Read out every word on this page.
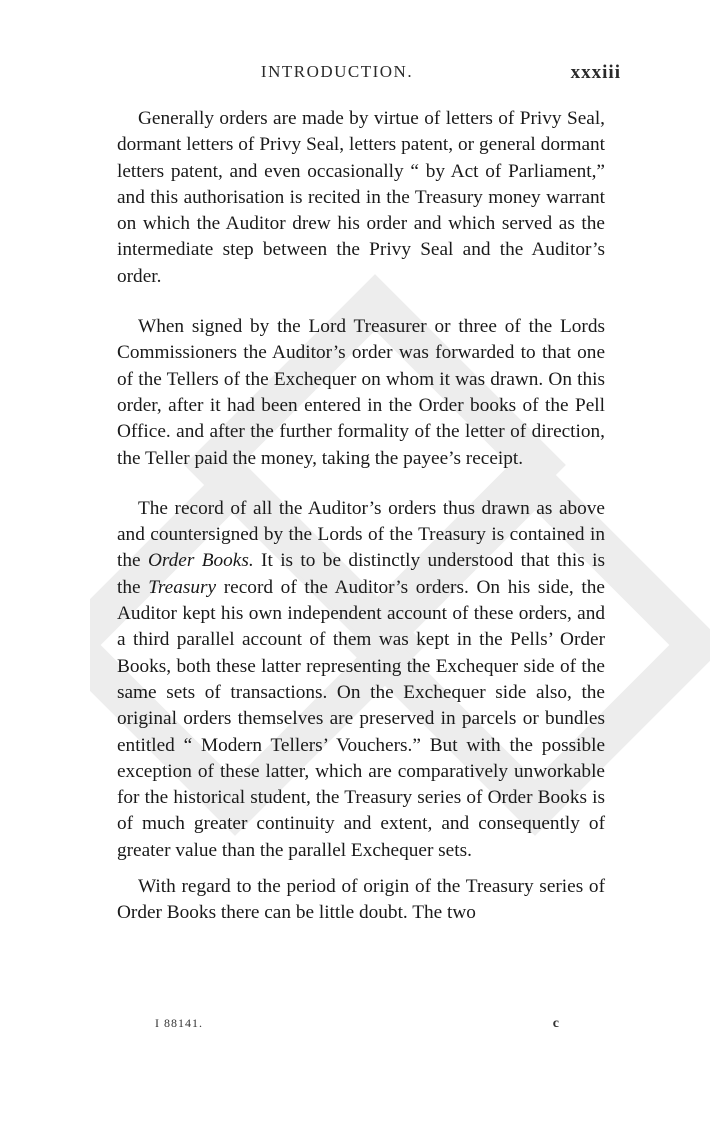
INTRODUCTION.	xxxiii

Generally orders are made by virtue of letters of Privy Seal, dormant letters of Privy Seal, letters patent, or general dormant letters patent, and even occasionally “ by Act of Parliament,” and this authorisation is recited in the Treasury money warrant on which the Auditor drew his order and which served as the intermediate step between the Privy Seal and the Auditor’s order.

When signed by the Lord Treasurer or three of the Lords Commissioners the Auditor’s order was forwarded to that one of the Tellers of the Exchequer on whom it was drawn. On this order, after it had been entered in the Order books of the Pell Office. and after the further formality of the letter of direction, the Teller paid the money, taking the payee’s receipt.

The record of all the Auditor’s orders thus drawn as above and countersigned by the Lords of the Treasury is contained in the Order Books. It is to be distinctly understood that this is the Treasury record of the Auditor’s orders. On his side, the Auditor kept his own independent account of these orders, and a third parallel account of them was kept in the Pells’ Order Books, both these latter representing the Exchequer side of the same sets of transactions. On the Exchequer side also, the original orders themselves are preserved in parcels or bundles entitled “ Modern Tellers’ Vouchers.” But with the possible exception of these latter, which are comparatively unworkable for the historical student, the Treasury series of Order Books is of much greater continuity and extent, and consequently of greater value than the parallel Exchequer sets.

With regard to the period of origin of the Treasury series of Order Books there can be little doubt. The two

I 88141.	c
